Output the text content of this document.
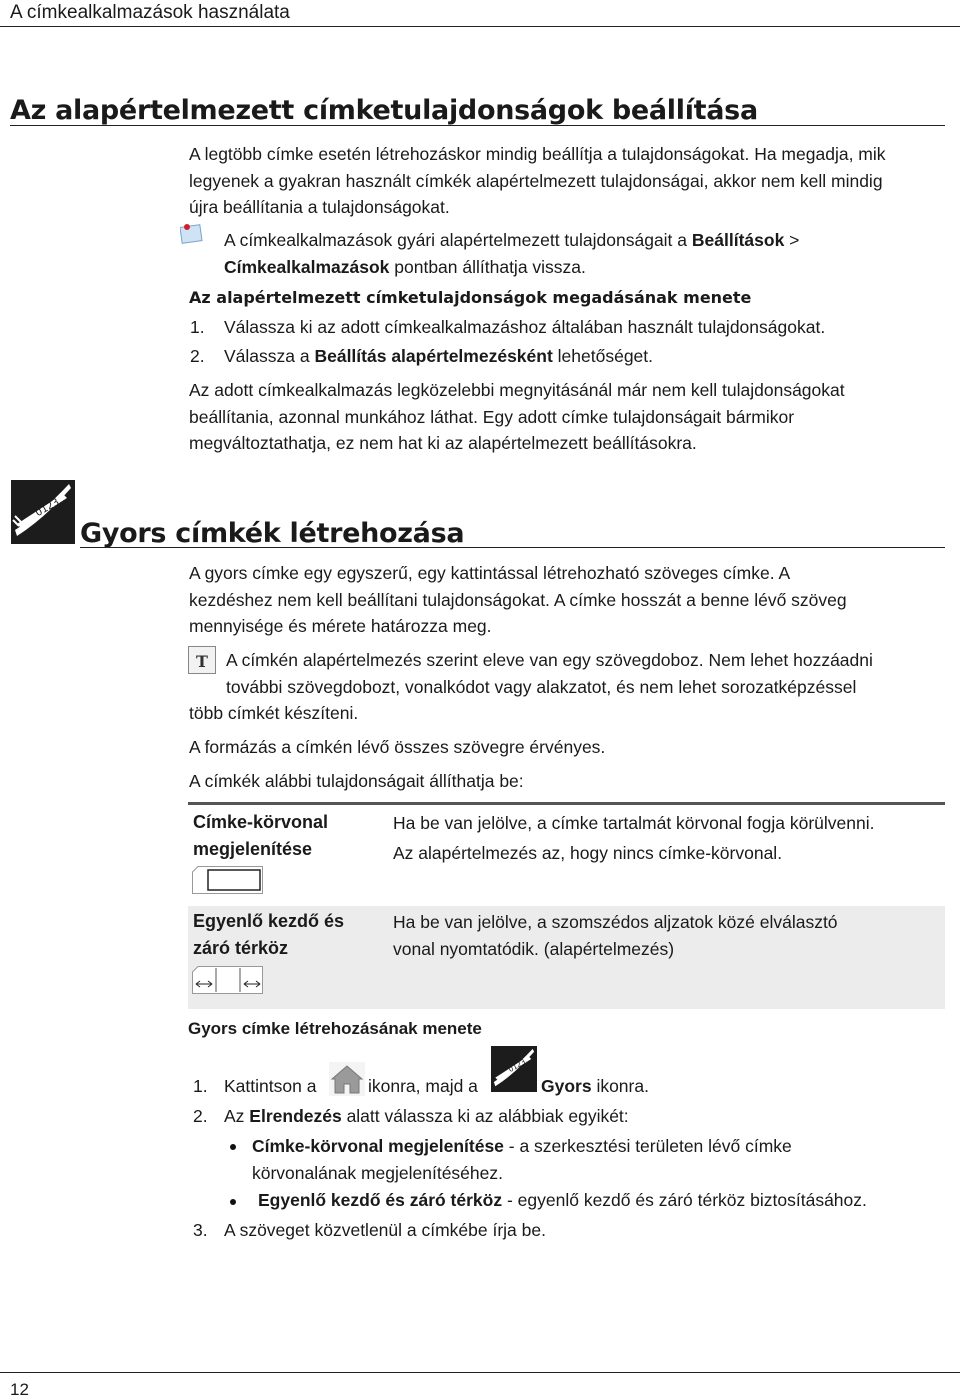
A címkealkalmazások használata
Az alapértelmezett címketulajdonságok beállítása
A legtöbb címke esetén létrehozáskor mindig beállítja a tulajdonságokat. Ha megadja, mik
legyenek a gyakran használt címkék alapértelmezett tulajdonságai, akkor nem kell mindig
újra beállítania a tulajdonságokat.
A címkealkalmazások gyári alapértelmezett tulajdonságait a Beállítások >
Címkealkalmazások pontban állíthatja vissza.
Az alapértelmezett címketulajdonságok megadásának menete
1. Válassza ki az adott címkealkalmazáshoz általában használt tulajdonságokat.
2. Válassza a Beállítás alapértelmezésként lehetőséget.
Az adott címkealkalmazás legközelebbi megnyitásánál már nem kell tulajdonságokat
beállítania, azonnal munkához láthat. Egy adott címke tulajdonságait bármikor
megváltoztathatja, ez nem hat ki az alapértelmezett beállításokra.
0123...
Gyors címkék létrehozása
A gyors címke egy egyszerű, egy kattintással létrehozható szöveges címke. A
kezdéshez nem kell beállítani tulajdonságokat. A címke hosszát a benne lévő szöveg
mennyisége és mérete határozza meg.
T A címkén alapértelmezés szerint eleve van egy szövegdoboz. Nem lehet hozzáadni
további szövegdobozt, vonalkódot vagy alakzatot, és nem lehet sorozatképzéssel
több címkét készíteni.
A formázás a címkén lévő összes szövegre érvényes.
A címkék alábbi tulajdonságait állíthatja be:
Címke-körvonal
megjelenítése
Ha be van jelölve, a címke tartalmát körvonal fogja körülvenni.
Az alapértelmezés az, hogy nincs címke-körvonal.
Egyenlő kezdő és
záró térköz
Ha be van jelölve, a szomszédos aljzatok közé elválasztó
vonal nyomtatódik. (alapértelmezés)
Gyors címke létrehozásának menete
1. Kattintson a	ikonra, majd a
0123...
Gyors ikonra.
2. Az Elrendezés alatt válassza ki az alábbiak egyikét:
Címke-körvonal megjelenítése - a szerkesztési területen lévő címke
körvonalának megjelenítéséhez.
Egyenlő kezdő és záró térköz - egyenlő kezdő és záró térköz biztosításához.
3. A szöveget közvetlenül a címkébe írja be.
12
